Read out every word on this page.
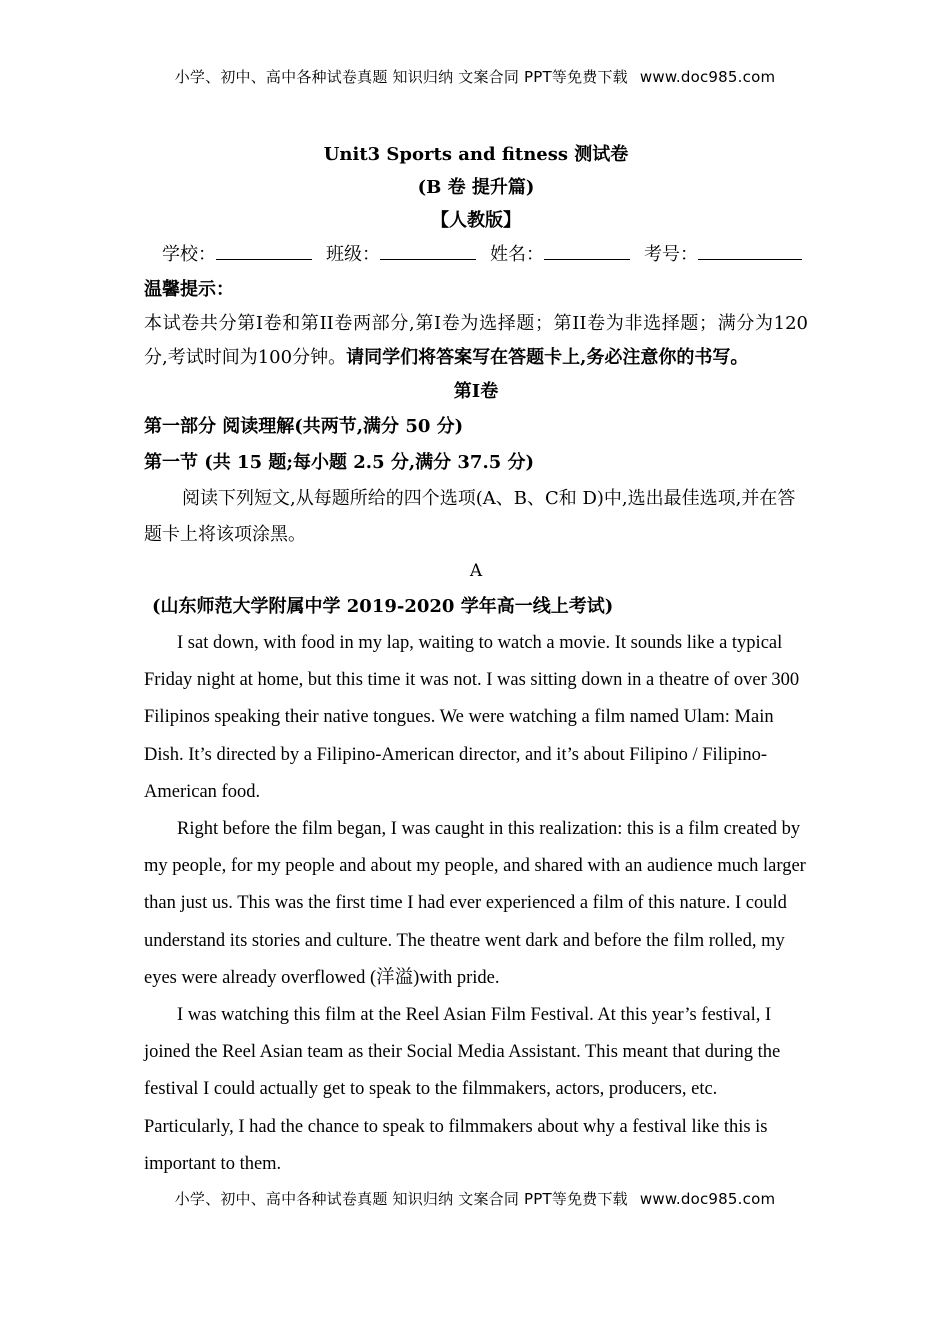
小学、初中、高中各种试卷真题 知识归纳 文案合同 PPT等免费下载 www.doc985.com
Unit3 Sports and fitness 测试卷
(B 卷 提升篇)
【人教版】
学校：	班级：	姓名：	考号：
温馨提示：
本试卷共分第I卷和第II卷两部分,第I卷为选择题；第II卷为非选择题；满分为120分,考试时间为100分钟。请同学们将答案写在答题卡上,务必注意你的书写。
第I卷
第一部分 阅读理解(共两节,满分 50 分)
第一节 (共 15 题;每小题 2.5 分,满分 37.5 分)
阅读下列短文,从每题所给的四个选项(A、B、C和 D)中,选出最佳选项,并在答题卡上将该项涂黑。
A
(山东师范大学附属中学 2019-2020 学年高一线上考试)

I sat down, with food in my lap, waiting to watch a movie. It sounds like a typical Friday night at home, but this time it was not. I was sitting down in a theatre of over 300 Filipinos speaking their native tongues. We were watching a film named Ulam: Main Dish. It’s directed by a Filipino-American director, and it’s about Filipino / Filipino-American food.

Right before the film began, I was caught in this realization: this is a film created by my people, for my people and about my people, and shared with an audience much larger than just us. This was the first time I had ever experienced a film of this nature. I could understand its stories and culture. The theatre went dark and before the film rolled, my eyes were already overflowed (洋溢)with pride.

I was watching this film at the Reel Asian Film Festival. At this year’s festival, I joined the Reel Asian team as their Social Media Assistant. This meant that during the festival I could actually get to speak to the filmmakers, actors, producers, etc. Particularly, I had the chance to speak to filmmakers about why a festival like this is important to them.

小学、初中、高中各种试卷真题 知识归纳 文案合同 PPT等免费下载 www.doc985.com
